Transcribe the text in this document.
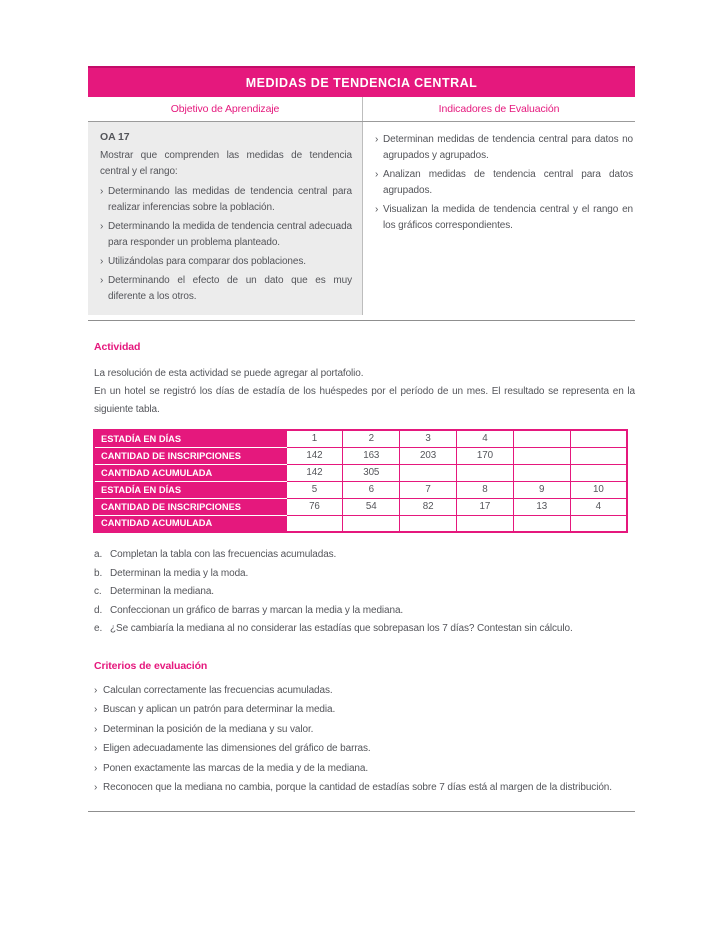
MEDIDAS DE TENDENCIA CENTRAL
Objetivo de Aprendizaje	Indicadores de Evaluación
OA 17
Mostrar que comprenden las medidas de tendencia central y el rango:
› Determinando las medidas de tendencia central para realizar inferencias sobre la población.
› Determinando la medida de tendencia central adecuada para responder un problema planteado.
› Utilizándolas para comparar dos poblaciones.
› Determinando el efecto de un dato que es muy diferente a los otros.
› Determinan medidas de tendencia central para datos no agrupados y agrupados.
› Analizan medidas de tendencia central para datos agrupados.
› Visualizan la medida de tendencia central y el rango en los gráficos correspondientes.
Actividad

La resolución de esta actividad se puede agregar al portafolio.

En un hotel se registró los días de estadía de los huéspedes por el período de un mes. El resultado se representa en la siguiente tabla.

ESTADÍA EN DÍAS	1	2	3	4		
CANTIDAD DE INSCRIPCIONES	142	163	203	170		
CANTIDAD ACUMULADA	142	305				
ESTADÍA EN DÍAS	5	6	7	8	9	10
CANTIDAD DE INSCRIPCIONES	76	54	82	17	13	4
CANTIDAD ACUMULADA						
a. Completan la tabla con las frecuencias acumuladas.
b. Determinan la media y la moda.
c. Determinan la mediana.
d. Confeccionan un gráfico de barras y marcan la media y la mediana.
e. ¿Se cambiaría la mediana al no considerar las estadías que sobrepasan los 7 días? Contestan sin cálculo.
Criterios de evaluación
› Calculan correctamente las frecuencias acumuladas.
› Buscan y aplican un patrón para determinar la media.
› Determinan la posición de la mediana y su valor.
› Eligen adecuadamente las dimensiones del gráfico de barras.
› Ponen exactamente las marcas de la media y de la mediana.
› Reconocen que la mediana no cambia, porque la cantidad de estadías sobre 7 días está al margen de la distribución.
